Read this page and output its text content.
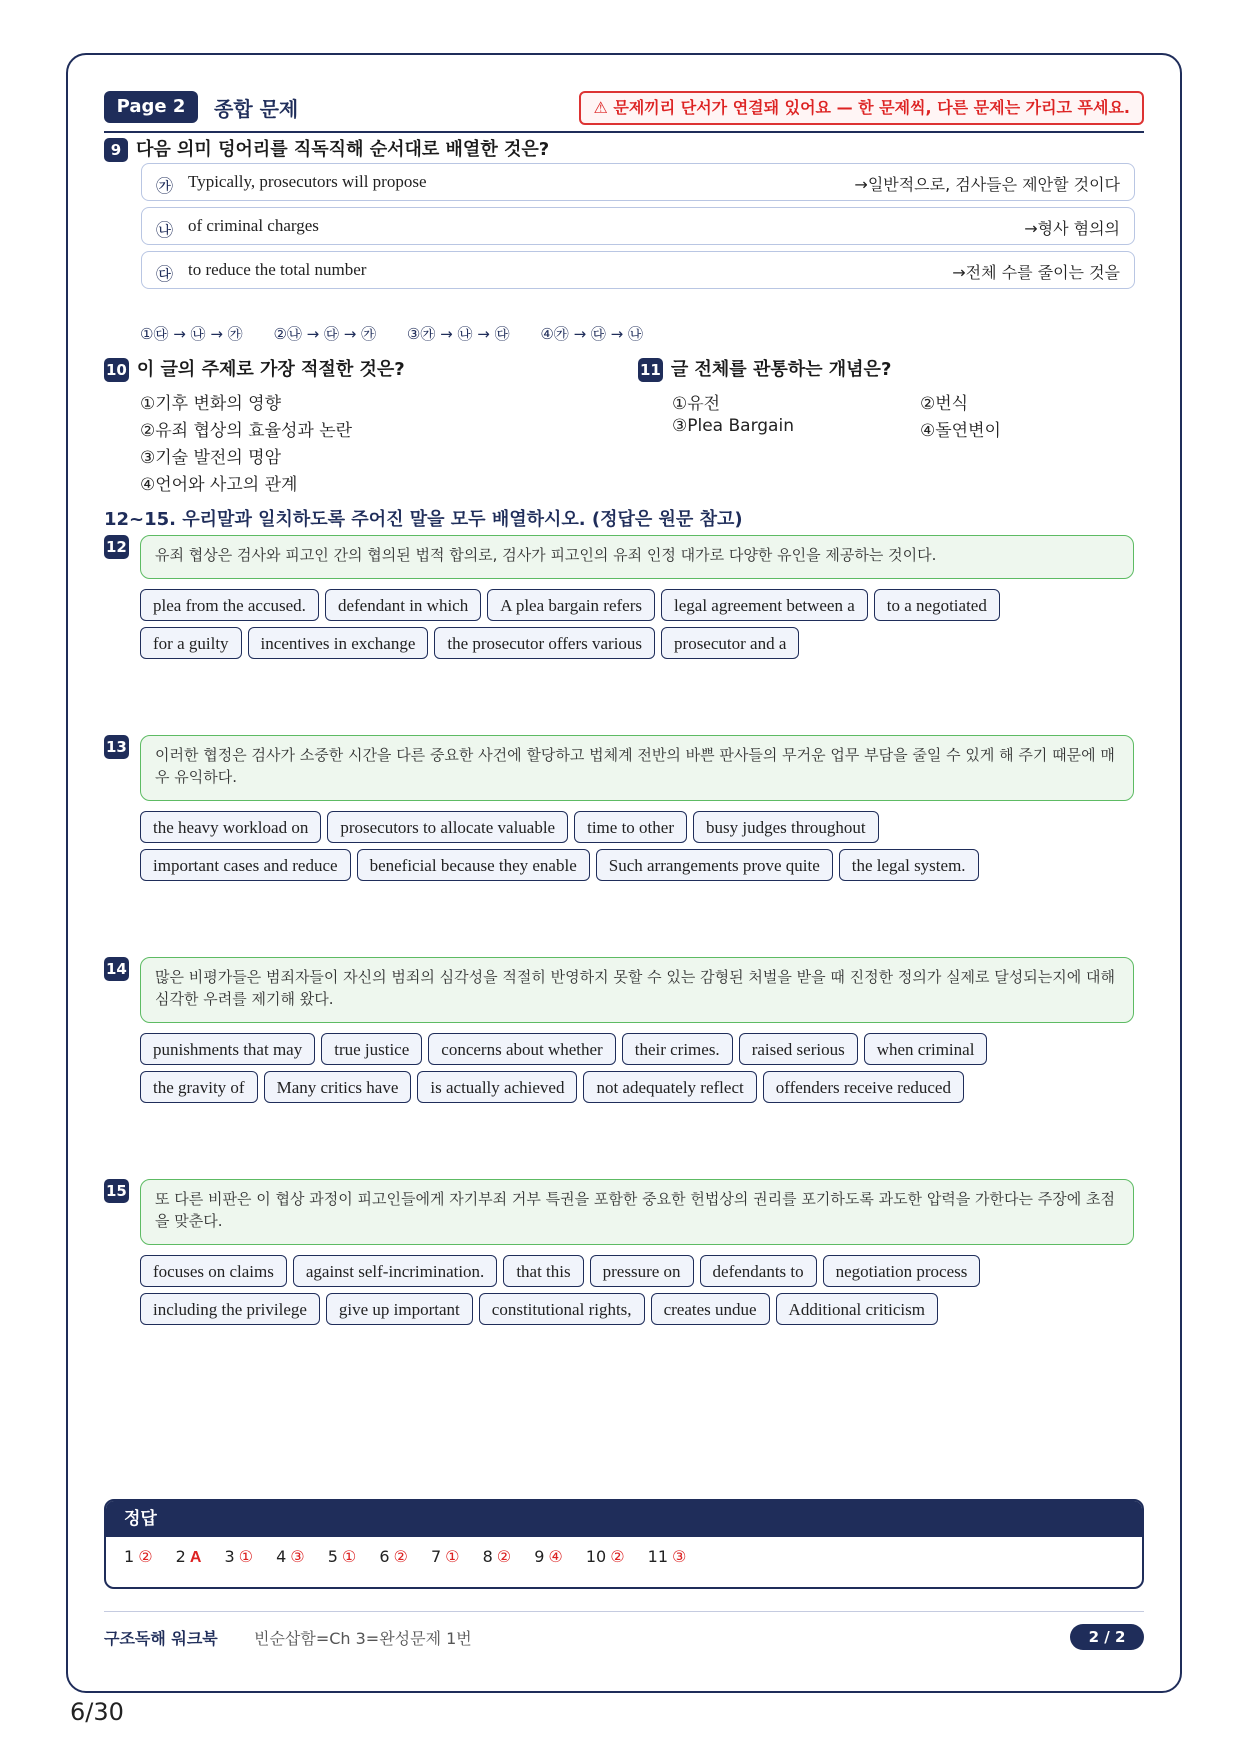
Page 2	종합 문제	⚠ 문제끼리 단서가 연결돼 있어요 — 한 문제씩, 다른 문제는 가리고 푸세요.
9 다음 의미 덩어리를 직독직해 순서대로 배열한 것은?
㉮ Typically, prosecutors will propose	→일반적으로, 검사들은 제안할 것이다
㉯ of criminal charges	→형사 혐의의
㉰ to reduce the total number	→전체 수를 줄이는 것을
①㉰ → ㉯ → ㉮ ②㉯ → ㉰ → ㉮ ③㉮ → ㉯ → ㉰ ④㉮ → ㉰ → ㉯
10 이 글의 주제로 가장 적절한 것은?
①기후 변화의 영향
②유죄 협상의 효율성과 논란
③기술 발전의 명암
④언어와 사고의 관계
11 글 전체를 관통하는 개념은?
①유전	②번식
③Plea Bargain	④돌연변이
12~15. 우리말과 일치하도록 주어진 말을 모두 배열하시오. (정답은 원문 참고)
12	유죄 협상은 검사와 피고인 간의 협의된 법적 합의로, 검사가 피고인의 유죄 인정 대가로 다양한 유인을 제공하는 것이다.
plea from the accused. defendant in which A plea bargain refers legal agreement between a to a negotiated
for a guilty incentives in exchange the prosecutor offers various prosecutor and a
13	이러한 협정은 검사가 소중한 시간을 다른 중요한 사건에 할당하고 법체계 전반의 바쁜 판사들의 무거운 업무 부담을 줄일 수 있게 해 주기 때문에 매우 유익하다.
the heavy workload on prosecutors to allocate valuable time to other busy judges throughout
important cases and reduce beneficial because they enable Such arrangements prove quite the legal system.
14	많은 비평가들은 범죄자들이 자신의 범죄의 심각성을 적절히 반영하지 못할 수 있는 감형된 처벌을 받을 때 진정한 정의가 실제로 달성되는지에 대해 심각한 우려를 제기해 왔다.
punishments that may true justice concerns about whether their crimes. raised serious when criminal
the gravity of Many critics have is actually achieved not adequately reflect offenders receive reduced
15	또 다른 비판은 이 협상 과정이 피고인들에게 자기부죄 거부 특권을 포함한 중요한 헌법상의 권리를 포기하도록 과도한 압력을 가한다는 주장에 초점을 맞춘다.
focuses on claims against self-incrimination. that this pressure on defendants to negotiation process
including the privilege give up important constitutional rights, creates undue Additional criticism
정답
1 ② 2 A 3 ① 4 ③ 5 ① 6 ② 7 ① 8 ② 9 ④ 10 ② 11 ③
구조독해 워크북 빈순삽함=Ch 3=완성문제 1번	2 / 2
6/30
